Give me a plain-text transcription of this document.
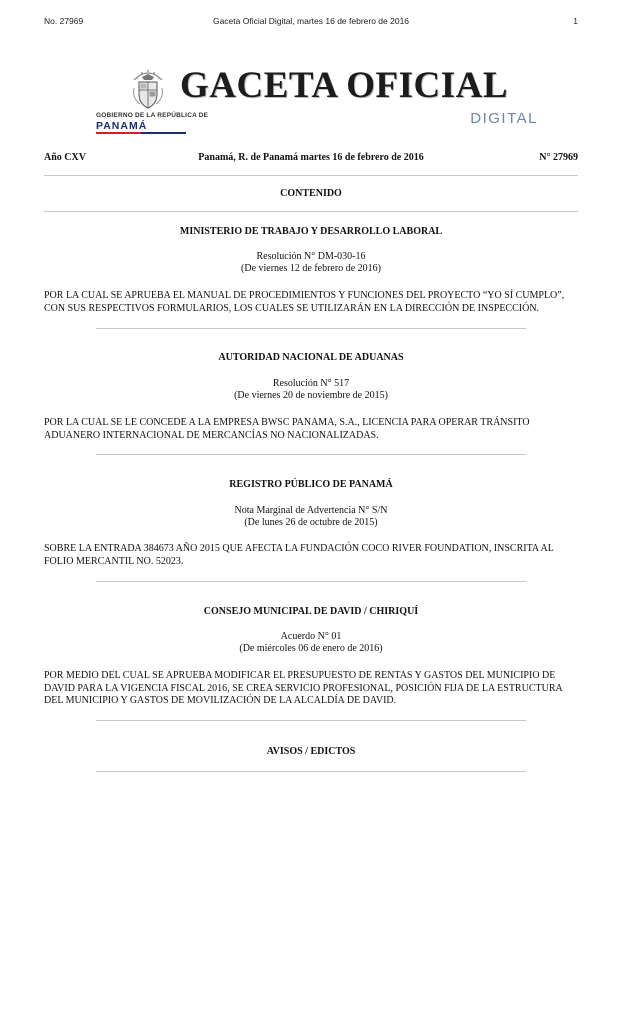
No. 27969	Gaceta Oficial Digital, martes 16 de febrero de 2016	1
GOBIERNO DE LA REPÚBLICA DE
PANAMÁ
GACETA OFICIAL
DIGITAL
Año CXV	Panamá, R. de Panamá martes 16 de febrero de 2016	N° 27969
CONTENIDO
MINISTERIO DE TRABAJO Y DESARROLLO LABORAL
Resolución N° DM-030-16
(De viernes 12 de febrero de 2016)
POR LA CUAL SE APRUEBA EL MANUAL DE PROCEDIMIENTOS Y FUNCIONES DEL PROYECTO “YO SÍ CUMPLO”,
CON SUS RESPECTIVOS FORMULARIOS, LOS CUALES SE UTILIZARÁN EN LA DIRECCIÓN DE INSPECCIÓN.
AUTORIDAD NACIONAL DE ADUANAS
Resolución N° 517
(De viernes 20 de noviembre de 2015)
POR LA CUAL SE LE CONCEDE A LA EMPRESA BWSC PANAMA, S.A., LICENCIA PARA OPERAR TRÁNSITO
ADUANERO INTERNACIONAL DE MERCANCÍAS NO NACIONALIZADAS.
REGISTRO PÚBLICO DE PANAMÁ
Nota Marginal de Advertencia N° S/N
(De lunes 26 de octubre de 2015)
SOBRE LA ENTRADA 384673 AÑO 2015 QUE AFECTA LA FUNDACIÓN COCO RIVER FOUNDATION, INSCRITA AL
FOLIO MERCANTIL NO. 52023.
CONSEJO MUNICIPAL DE DAVID / CHIRIQUÍ
Acuerdo N° 01
(De miércoles 06 de enero de 2016)
POR MEDIO DEL CUAL SE APRUEBA MODIFICAR EL PRESUPUESTO DE RENTAS Y GASTOS DEL MUNICIPIO DE
DAVID PARA LA VIGENCIA FISCAL 2016, SE CREA SERVICIO PROFESIONAL, POSICIÓN FIJA DE LA ESTRUCTURA
DEL MUNICIPIO Y GASTOS DE MOVILIZACIÓN DE LA ALCALDÍA DE DAVID.
AVISOS / EDICTOS
